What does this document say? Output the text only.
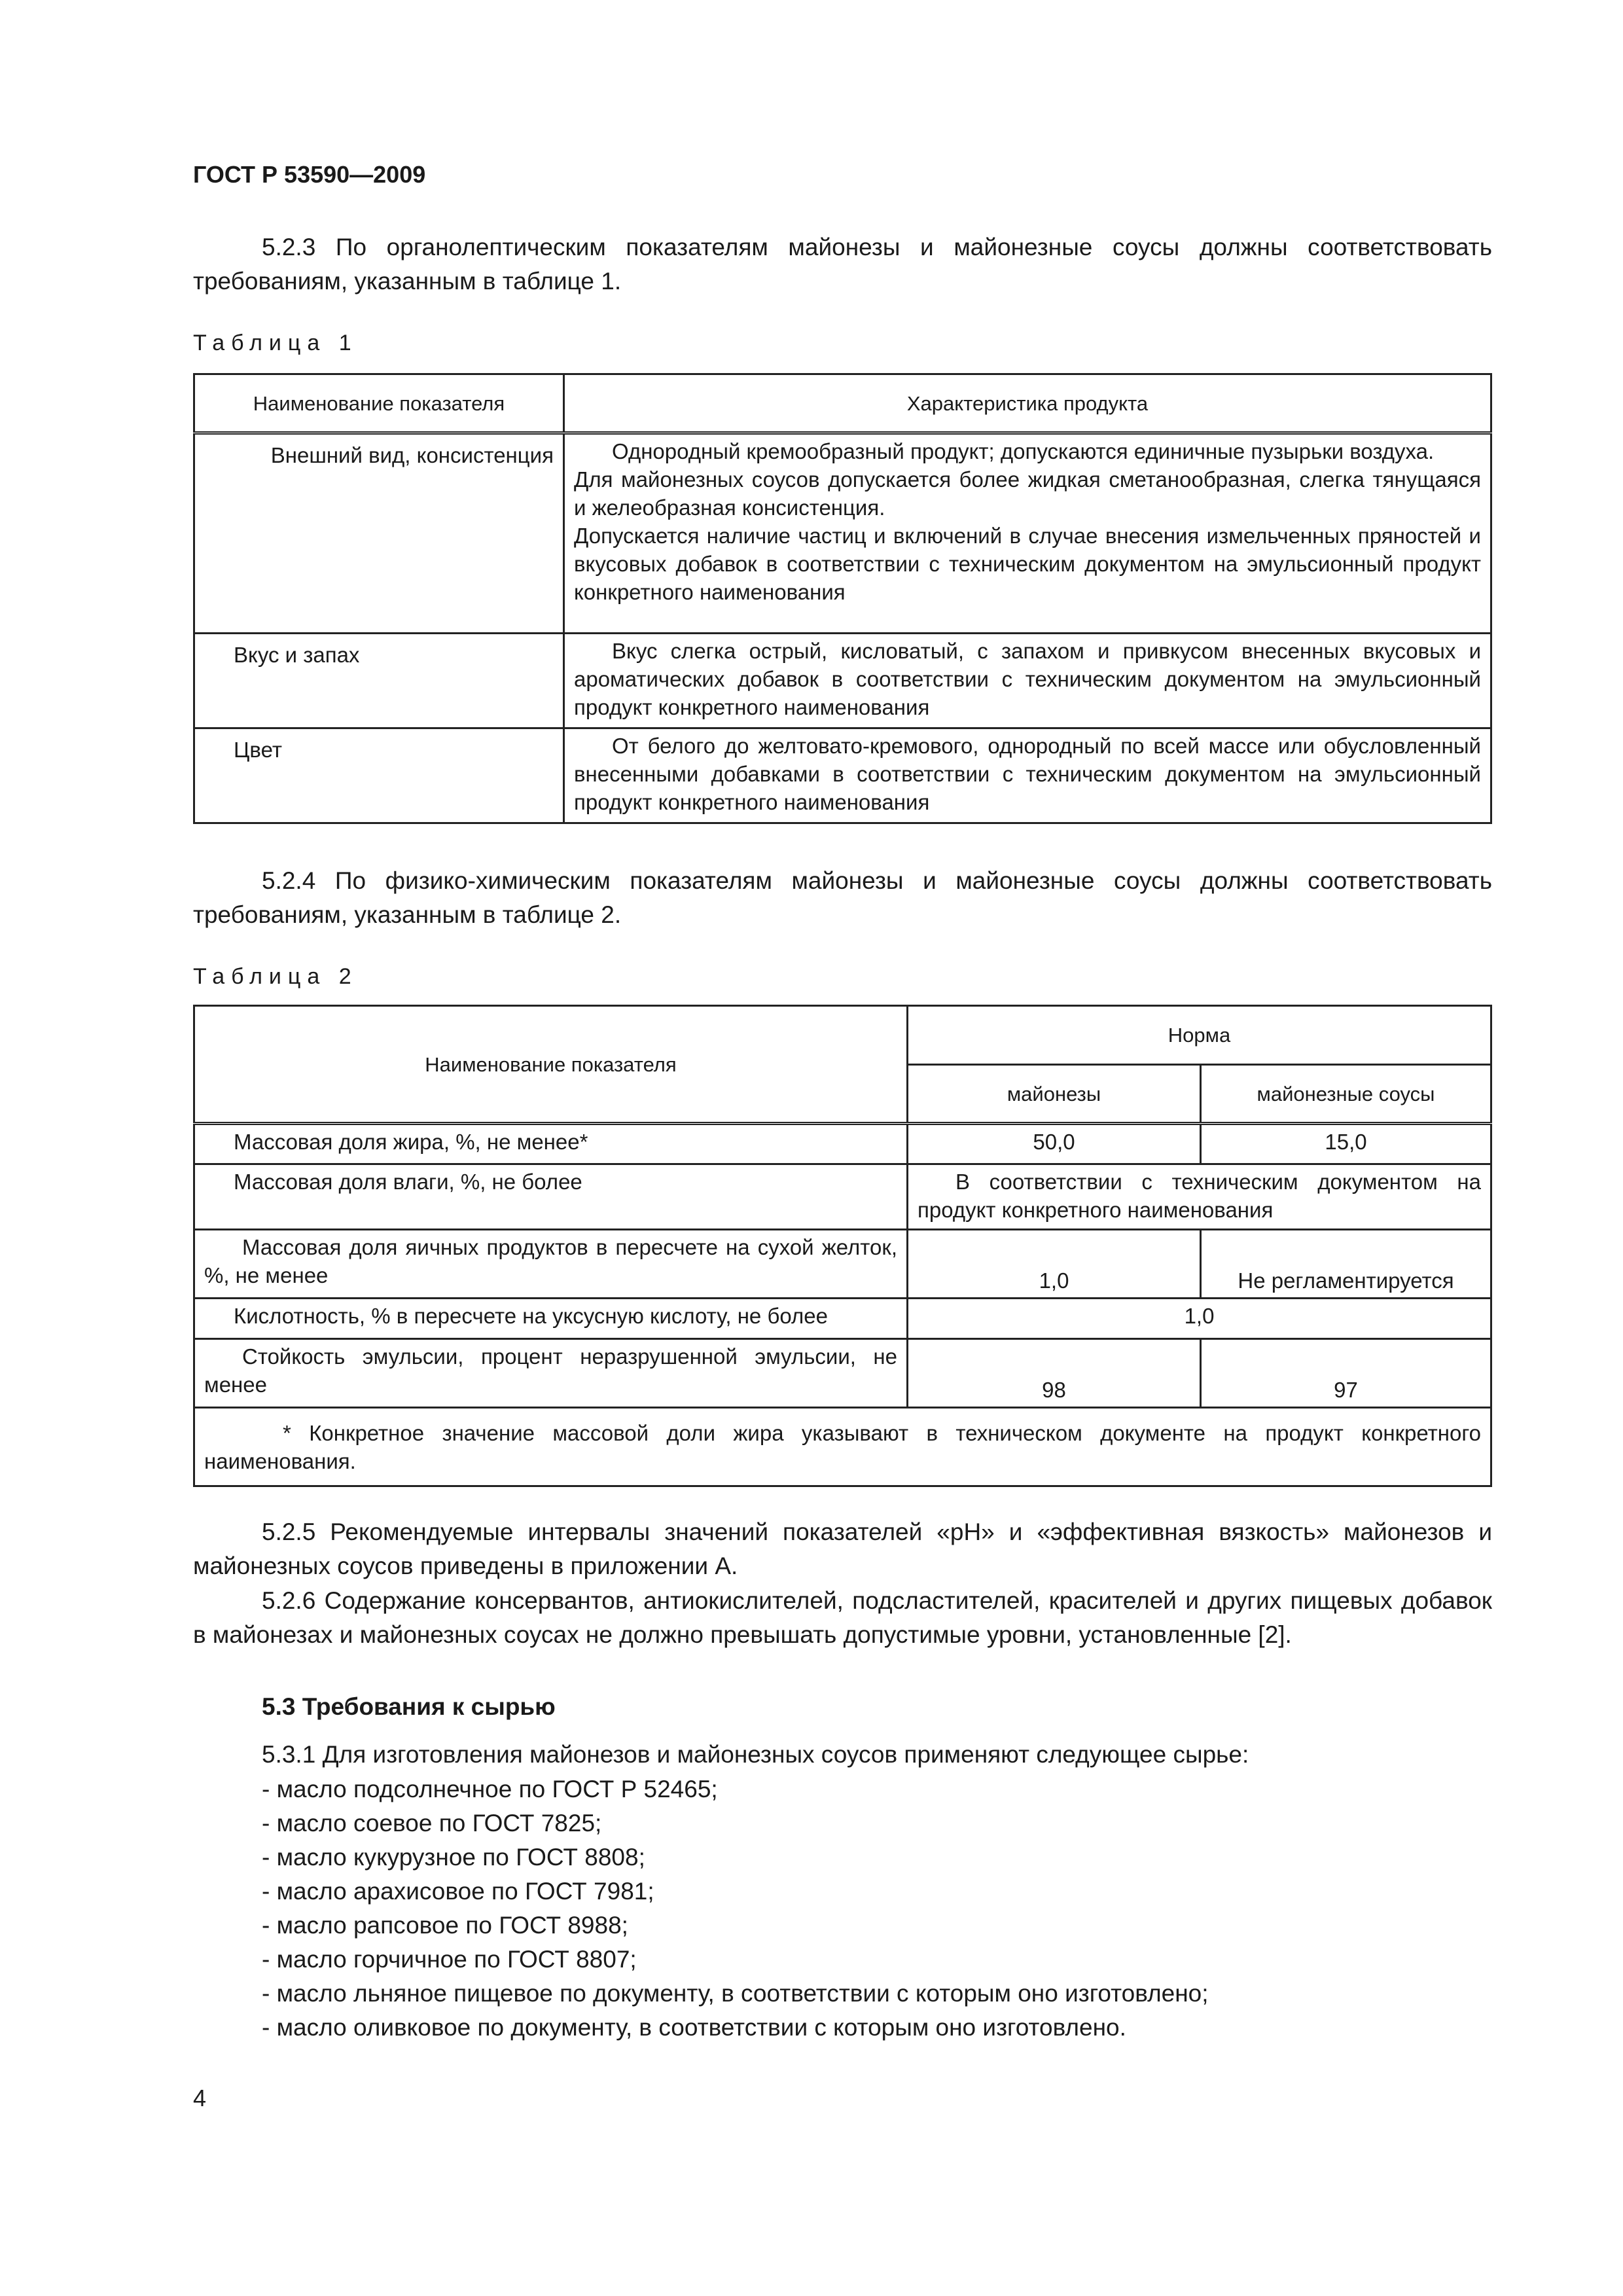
ГОСТ Р 53590—2009
5.2.3 По органолептическим показателям майонезы и майонезные соусы должны соответствовать требованиям, указанным в таблице 1.
Таблица 1
Наименование показателя	Характеристика продукта
Внешний вид, консистенция	Однородный кремообразный продукт; допускаются единичные пузырьки воздуха.
Для майонезных соусов допускается более жидкая сметанообразная, слегка тянущаяся и желеобразная консистенция.
Допускается наличие частиц и включений в случае внесения измельченных пряностей и вкусовых добавок в соответствии с техническим документом на эмульсионный продукт конкретного наименования
Вкус и запах	Вкус слегка острый, кисловатый, с запахом и привкусом внесенных вкусовых и ароматических добавок в соответствии с техническим документом на эмульсионный продукт конкретного наименования
Цвет	От белого до желтовато-кремового, однородный по всей массе или обусловленный внесенными добавками в соответствии с техническим документом на эмульсионный продукт конкретного наименования
5.2.4 По физико-химическим показателям майонезы и майонезные соусы должны соответствовать требованиям, указанным в таблице 2.
Таблица 2
Наименование показателя	Норма	
	майонезы	майонезные соусы
Массовая доля жира, %, не менее*	50,0	15,0
Массовая доля влаги, %, не более	В соответствии с техническим документом на продукт конкретного наименования	
Массовая доля яичных продуктов в пересчете на сухой желток, %, не менее	1,0	Не регламентируется
Кислотность, % в пересчете на уксусную кислоту, не более	1,0	
Стойкость эмульсии, процент неразрушенной эмульсии, не менее	98	97
* Конкретное значение массовой доли жира указывают в техническом документе на продукт конкретного наименования.		
5.2.5 Рекомендуемые интервалы значений показателей «pH» и «эффективная вязкость» майонезов и майонезных соусов приведены в приложении А.
5.2.6 Содержание консервантов, антиокислителей, подсластителей, красителей и других пищевых добавок в майонезах и майонезных соусах не должно превышать допустимые уровни, установленные [2].
5.3 Требования к сырью
5.3.1 Для изготовления майонезов и майонезных соусов применяют следующее сырье:
- масло подсолнечное по ГОСТ Р 52465;
- масло соевое по ГОСТ 7825;
- масло кукурузное по ГОСТ 8808;
- масло арахисовое по ГОСТ 7981;
- масло рапсовое по ГОСТ 8988;
- масло горчичное по ГОСТ 8807;
- масло льняное пищевое по документу, в соответствии с которым оно изготовлено;
- масло оливковое по документу, в соответствии с которым оно изготовлено.
4
